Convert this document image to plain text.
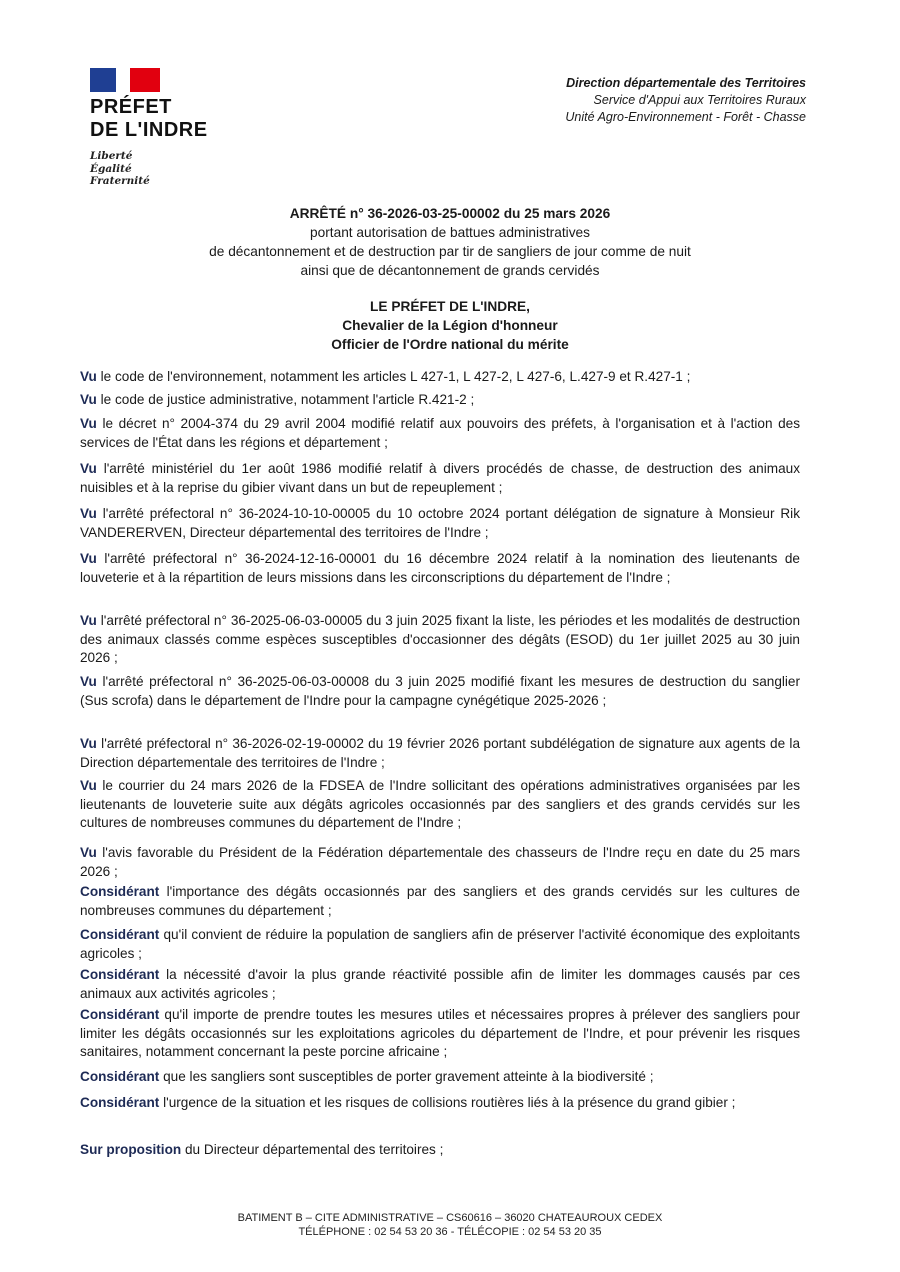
PRÉFET
DE L'INDRE
Liberté
Égalité
Fraternité
Direction départementale des Territoires
Service d'Appui aux Territoires Ruraux
Unité Agro-Environnement - Forêt - Chasse
ARRÊTÉ n° 36-2026-03-25-00002 du 25 mars 2026
portant autorisation de battues administratives
de décantonnement et de destruction par tir de sangliers de jour comme de nuit
ainsi que de décantonnement de grands cervidés
LE PRÉFET DE L'INDRE,
Chevalier de la Légion d'honneur
Officier de l'Ordre national du mérite

Vu le code de l'environnement, notamment les articles L 427-1, L 427-2, L 427-6, L.427-9 et R.427-1 ;

Vu le code de justice administrative, notamment l'article R.421-2 ;

Vu le décret n° 2004-374 du 29 avril 2004 modifié relatif aux pouvoirs des préfets, à l'organisation et à l'action des services de l'État dans les régions et département ;

Vu l'arrêté ministériel du 1er août 1986 modifié relatif à divers procédés de chasse, de destruction des animaux nuisibles et à la reprise du gibier vivant dans un but de repeuplement ;

Vu l'arrêté préfectoral n° 36-2024-10-10-00005 du 10 octobre 2024 portant délégation de signature à Monsieur Rik VANDERERVEN, Directeur départemental des territoires de l'Indre ;

Vu l'arrêté préfectoral n° 36-2024-12-16-00001 du 16 décembre 2024 relatif à la nomination des lieutenants de louveterie et à la répartition de leurs missions dans les circonscriptions du département de l'Indre ;

Vu l'arrêté préfectoral n° 36-2025-06-03-00005 du 3 juin 2025 fixant la liste, les périodes et les modalités de destruction des animaux classés comme espèces susceptibles d'occasionner des dégâts (ESOD) du 1er juillet 2025 au 30 juin 2026 ;

Vu l'arrêté préfectoral n° 36-2025-06-03-00008 du 3 juin 2025 modifié fixant les mesures de destruction du sanglier (Sus scrofa) dans le département de l'Indre pour la campagne cynégétique 2025-2026 ;

Vu l'arrêté préfectoral n° 36-2026-02-19-00002 du 19 février 2026 portant subdélégation de signature aux agents de la Direction départementale des territoires de l'Indre ;

Vu le courrier du 24 mars 2026 de la FDSEA de l'Indre sollicitant des opérations administratives organisées par les lieutenants de louveterie suite aux dégâts agricoles occasionnés par des sangliers et des grands cervidés sur les cultures de nombreuses communes du département de l'Indre ;

Vu l'avis favorable du Président de la Fédération départementale des chasseurs de l'Indre reçu en date du 25 mars 2026 ;

Considérant l'importance des dégâts occasionnés par des sangliers et des grands cervidés sur les cultures de nombreuses communes du département ;

Considérant qu'il convient de réduire la population de sangliers afin de préserver l'activité économique des exploitants agricoles ;

Considérant la nécessité d'avoir la plus grande réactivité possible afin de limiter les dommages causés par ces animaux aux activités agricoles ;

Considérant qu'il importe de prendre toutes les mesures utiles et nécessaires propres à prélever des sangliers pour limiter les dégâts occasionnés sur les exploitations agricoles du département de l'Indre, et pour prévenir les risques sanitaires, notamment concernant la peste porcine africaine ;

Considérant que les sangliers sont susceptibles de porter gravement atteinte à la biodiversité ;

Considérant l'urgence de la situation et les risques de collisions routières liés à la présence du grand gibier ;

Sur proposition du Directeur départemental des territoires ;

BATIMENT B – CITE ADMINISTRATIVE – CS60616 – 36020 CHATEAUROUX CEDEX
TÉLÉPHONE : 02 54 53 20 36 - TÉLÉCOPIE : 02 54 53 20 35
